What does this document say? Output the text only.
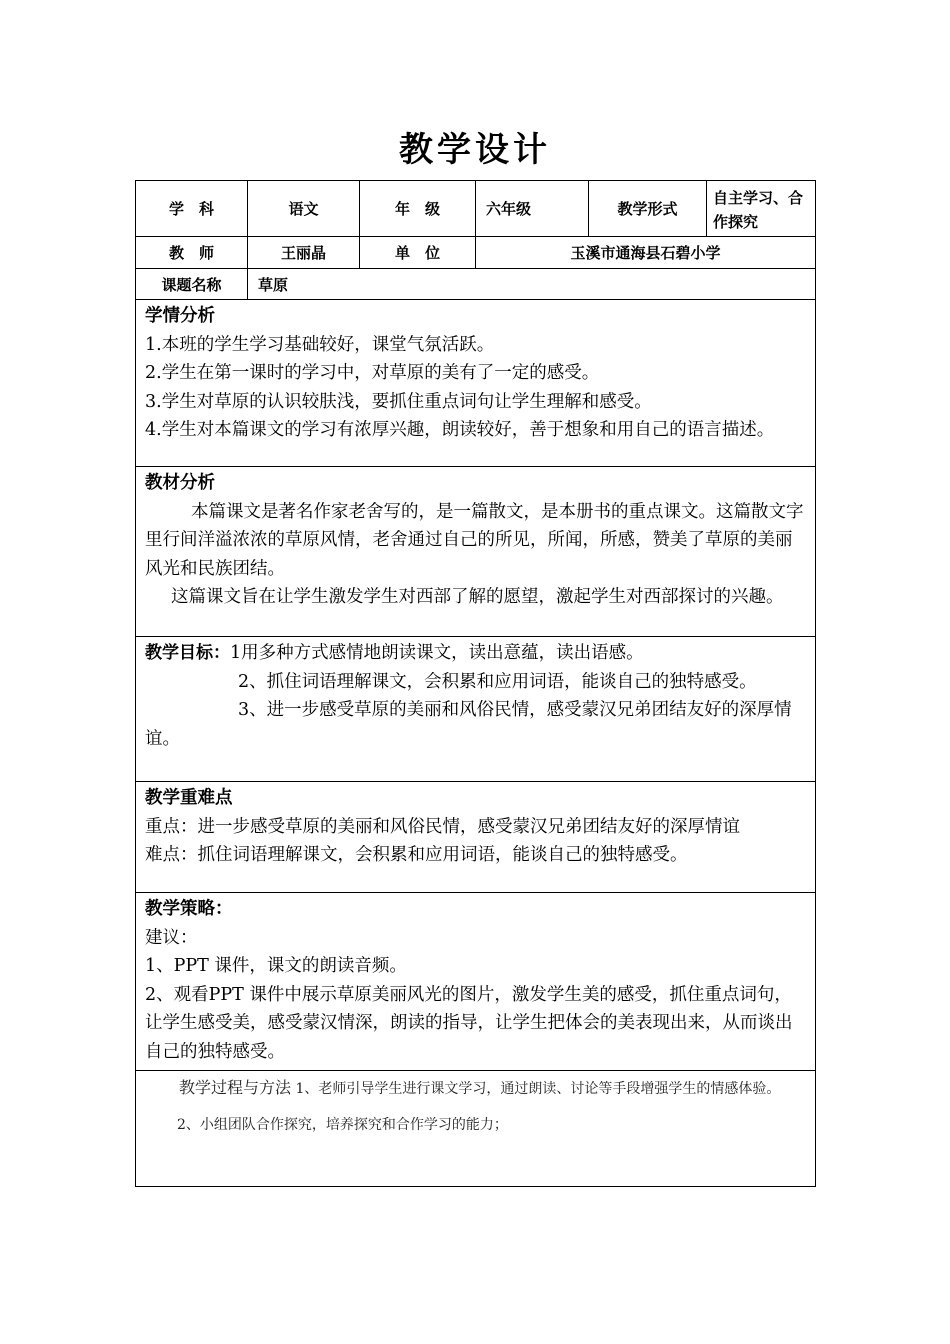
教学设计
学　科	语文	年　级	六年级	教学形式	自主学习、合作探究
教　师	王丽晶	单　位	玉溪市通海县石碧小学		
课题名称	草原				

学情分析

1.本班的学生学习基础较好，课堂气氛活跃。

2.学生在第一课时的学习中，对草原的美有了一定的感受。

3.学生对草原的认识较肤浅，要抓住重点词句让学生理解和感受。

4.学生对本篇课文的学习有浓厚兴趣，朗读较好，善于想象和用自己的语言描述。					

教材分析

本篇课文是著名作家老舍写的，是一篇散文，是本册书的重点课文。这篇散文字里行间洋溢浓浓的草原风情，老舍通过自己的所见，所闻，所感，赞美了草原的美丽风光和民族团结。

这篇课文旨在让学生激发学生对西部了解的愿望，激起学生对西部探讨的兴趣。					

教学目标：1用多种方式感情地朗读课文，读出意蕴，读出语感。

2、抓住词语理解课文，会积累和应用词语，能谈自己的独特感受。

3、进一步感受草原的美丽和风俗民情，感受蒙汉兄弟团结友好的深厚情谊。					

教学重难点

重点：进一步感受草原的美丽和风俗民情，感受蒙汉兄弟团结友好的深厚情谊

难点：抓住词语理解课文，会积累和应用词语，能谈自己的独特感受。					

教学策略：

建议：

1、PPT 课件，课文的朗读音频。

2、观看PPT 课件中展示草原美丽风光的图片，激发学生美的感受，抓住重点词句，让学生感受美，感受蒙汉情深，朗读的指导，让学生把体会的美表现出来，从而谈出自己的独特感受。					

教学过程与方法 1、老师引导学生进行课文学习，通过朗读、讨论等手段增强学生的情感体验。

2、小组团队合作探究，培养探究和合作学习的能力；					
